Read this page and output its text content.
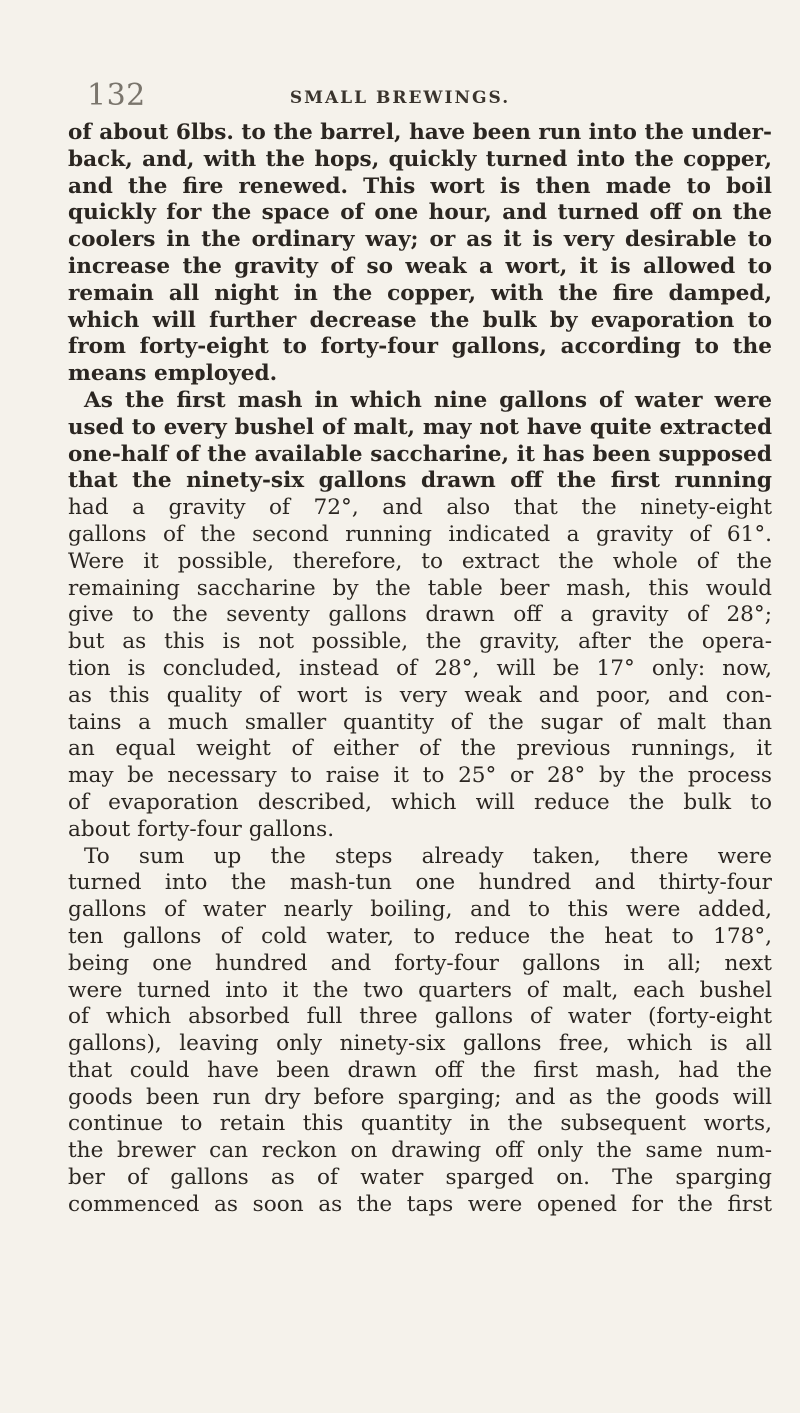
132	SMALL BREWINGS.
of about 6lbs. to the barrel, have been run into the under-
back, and, with the hops, quickly turned into the copper,
and the fire renewed. This wort is then made to boil
quickly for the space of one hour, and turned off on the
coolers in the ordinary way; or as it is very desirable to
increase the gravity of so weak a wort, it is allowed to
remain all night in the copper, with the fire damped,
which will further decrease the bulk by evaporation to
from forty-eight to forty-four gallons, according to the
means employed.
As the first mash in which nine gallons of water were
used to every bushel of malt, may not have quite extracted
one-half of the available saccharine, it has been supposed
that the ninety-six gallons drawn off the first running
had a gravity of 72°, and also that the ninety-eight
gallons of the second running indicated a gravity of 61°.
Were it possible, therefore, to extract the whole of the
remaining saccharine by the table beer mash, this would
give to the seventy gallons drawn off a gravity of 28°;
but as this is not possible, the gravity, after the opera-
tion is concluded, instead of 28°, will be 17° only: now,
as this quality of wort is very weak and poor, and con-
tains a much smaller quantity of the sugar of malt than
an equal weight of either of the previous runnings, it
may be necessary to raise it to 25° or 28° by the process
of evaporation described, which will reduce the bulk to
about forty-four gallons.
To sum up the steps already taken, there were
turned into the mash-tun one hundred and thirty-four
gallons of water nearly boiling, and to this were added,
ten gallons of cold water, to reduce the heat to 178°,
being one hundred and forty-four gallons in all; next
were turned into it the two quarters of malt, each bushel
of which absorbed full three gallons of water (forty-eight
gallons), leaving only ninety-six gallons free, which is all
that could have been drawn off the first mash, had the
goods been run dry before sparging; and as the goods will
continue to retain this quantity in the subsequent worts,
the brewer can reckon on drawing off only the same num-
ber of gallons as of water sparged on. The sparging
commenced as soon as the taps were opened for the first
